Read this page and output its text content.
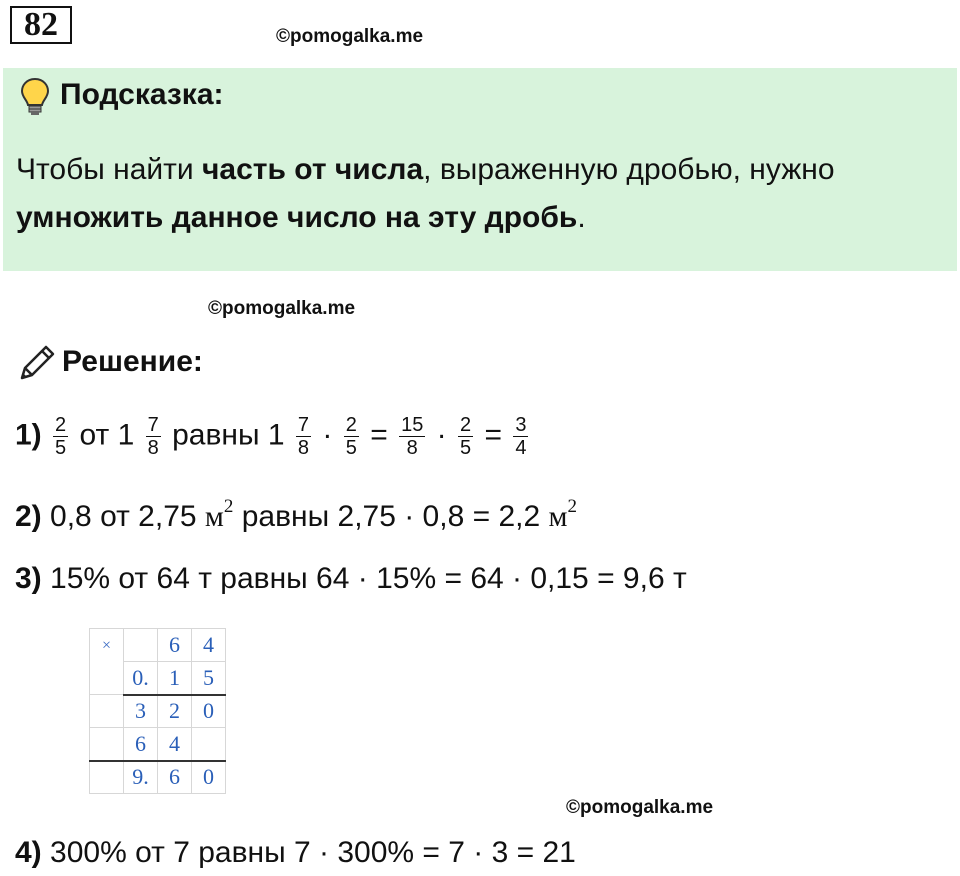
82	©pomogalka.me
Подсказка:
Чтобы найти часть от числа, выраженную дробью, нужно
умножить данное число на эту дробь.
©pomogalka.me
Решение:
$1) \frac{2}{5}$ от $1 \frac{7}{8}$ равны $1 \frac{7}{8} \cdot \frac{2}{5} = \frac{15}{8} \cdot \frac{2}{5} = \frac{3}{4}$
2) 0,8 от 2,75 $м^2$ равны 2,75 · 0,8 = 2,2 $м^2$
3) 15% от 64 т равны 64 · 15% = 64 · 0,15 = 9,6 т
×		6	4
	0.	1	5
	3	2	0
	6	4	
	9.	6	0
©pomogalka.me
4) 300% от 7 равны 7 · 300% = 7 · 3 = 21
